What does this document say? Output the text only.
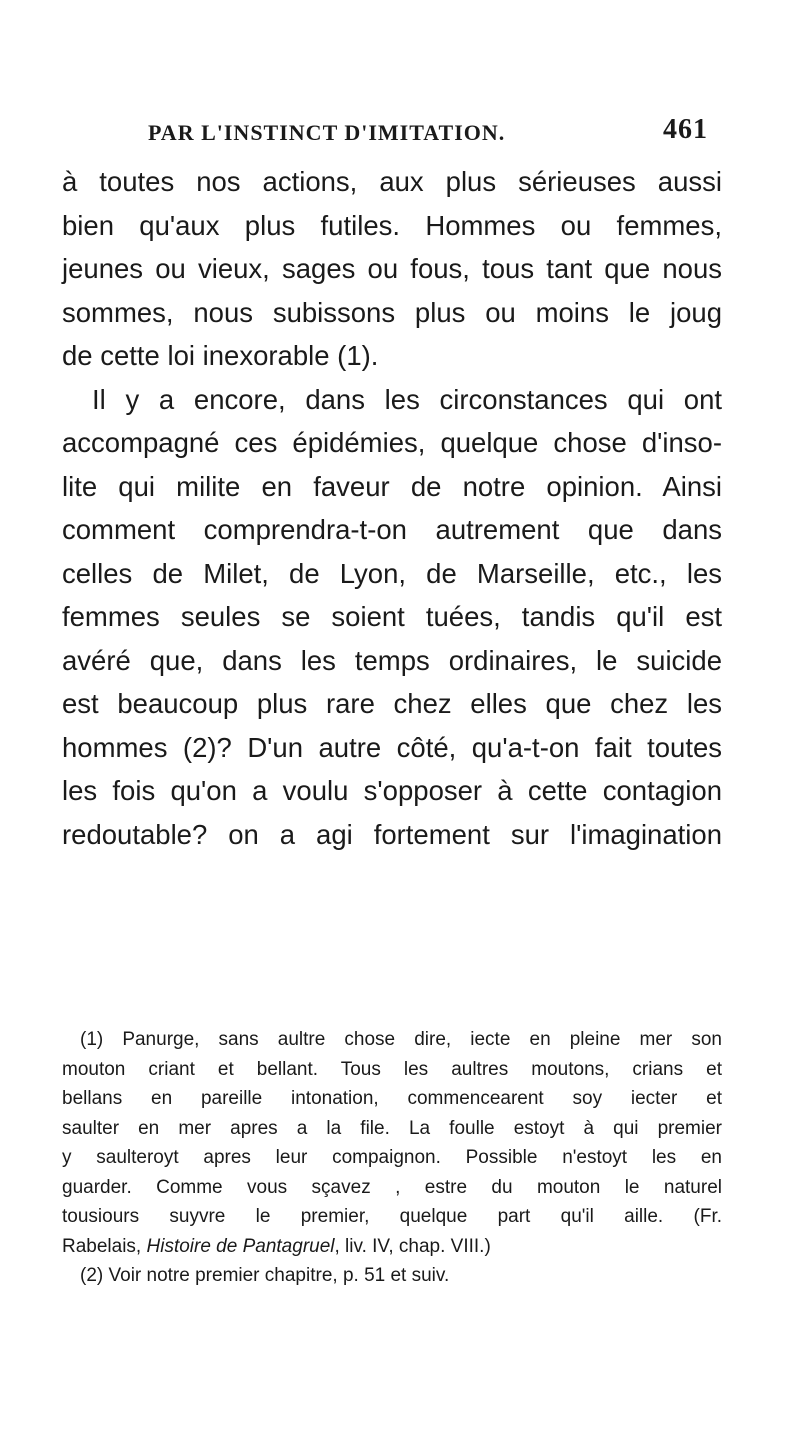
PAR L'INSTINCT D'IMITATION.	461
à toutes nos actions, aux plus sérieuses aussi
bien qu'aux plus futiles. Hommes ou femmes,
jeunes ou vieux, sages ou fous, tous tant que nous
sommes, nous subissons plus ou moins le joug
de cette loi inexorable (1).
Il y a encore, dans les circonstances qui ont
accompagné ces épidémies, quelque chose d'inso-
lite qui milite en faveur de notre opinion. Ainsi
comment comprendra-t-on autrement que dans
celles de Milet, de Lyon, de Marseille, etc., les
femmes seules se soient tuées, tandis qu'il est
avéré que, dans les temps ordinaires, le suicide
est beaucoup plus rare chez elles que chez les
hommes (2)? D'un autre côté, qu'a-t-on fait toutes
les fois qu'on a voulu s'opposer à cette contagion
redoutable? on a agi fortement sur l'imagination
(1) Panurge, sans aultre chose dire, iecte en pleine mer son
mouton criant et bellant. Tous les aultres moutons, crians et
bellans en pareille intonation, commencearent soy iecter et
saulter en mer apres a la file. La foulle estoyt à qui premier
y saulteroyt apres leur compaignon. Possible n'estoyt les en
guarder. Comme vous sçavez , estre du mouton le naturel
tousiours suyvre le premier, quelque part qu'il aille. (Fr.
Rabelais, Histoire de Pantagruel, liv. IV, chap. VIII.)
(2) Voir notre premier chapitre, p. 51 et suiv.
